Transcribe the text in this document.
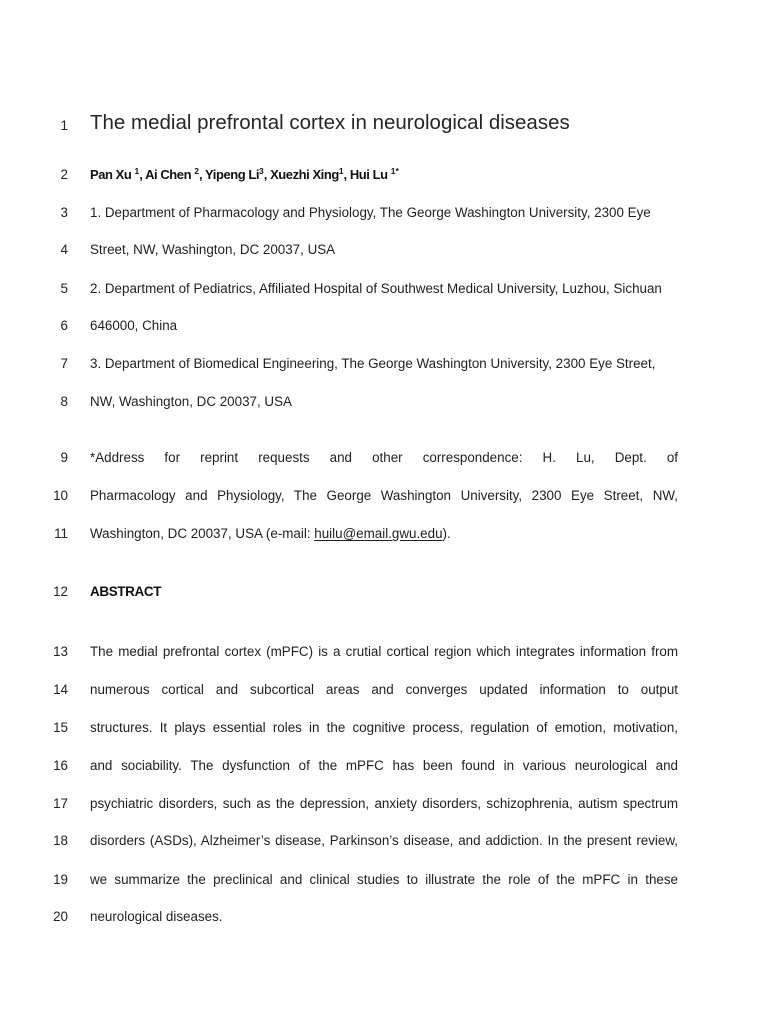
1 The medial prefrontal cortex in neurological diseases
2 Pan Xu $^1$, Ai Chen $^2$, Yipeng Li$^3$, Xuezhi Xing$^1$, Hui Lu $^{1*}$
3 1. Department of Pharmacology and Physiology, The George Washington University, 2300 Eye
4 Street, NW, Washington, DC 20037, USA
5 2. Department of Pediatrics, Affiliated Hospital of Southwest Medical University, Luzhou, Sichuan
6 646000, China
7 3. Department of Biomedical Engineering, The George Washington University, 2300 Eye Street,
8 NW, Washington, DC 20037, USA
9 *Address for reprint requests and other correspondence: H. Lu, Dept. of
10 Pharmacology and Physiology, The George Washington University, 2300 Eye Street, NW,
11 Washington, DC 20037, USA (e-mail: huilu@email.gwu.edu).
12 ABSTRACT
13 The medial prefrontal cortex (mPFC) is a crutial cortical region which integrates information from
14 numerous cortical and subcortical areas and converges updated information to output
15 structures. It plays essential roles in the cognitive process, regulation of emotion, motivation,
16 and sociability. The dysfunction of the mPFC has been found in various neurological and
17 psychiatric disorders, such as the depression, anxiety disorders, schizophrenia, autism spectrum
18 disorders (ASDs), Alzheimer’s disease, Parkinson’s disease, and addiction. In the present review,
19 we summarize the preclinical and clinical studies to illustrate the role of the mPFC in these
20 neurological diseases.
